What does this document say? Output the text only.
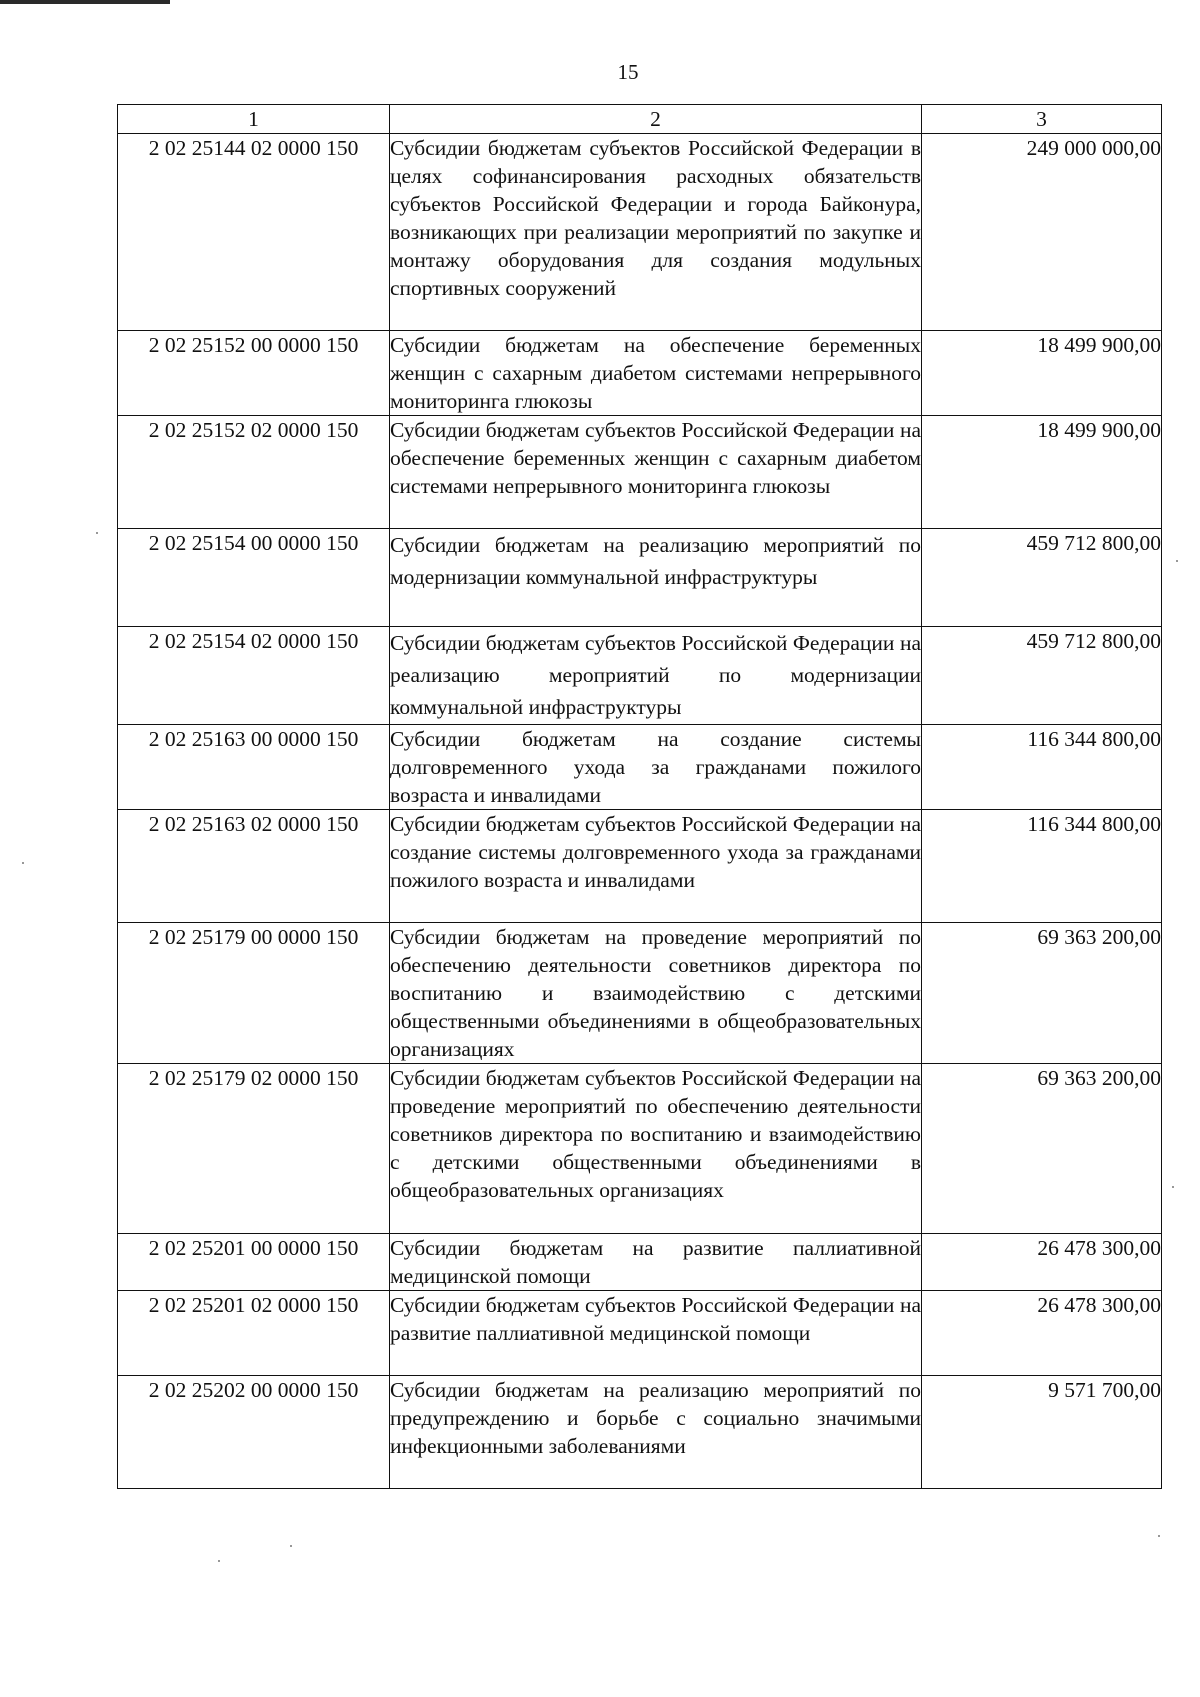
15
1	2	3
2 02 25144 02 0000 150	Субсидии бюджетам субъектов Российской Федерации в целях софинансирования расходных обязательств субъектов Российской Федерации и города Байконура, возникающих при реализации мероприятий по закупке и монтажу оборудования для создания модульных спортивных сооружений	249 000 000,00
2 02 25152 00 0000 150	Субсидии бюджетам на обеспечение беременных женщин с сахарным диабетом системами непрерывного мониторинга глюкозы	18 499 900,00
2 02 25152 02 0000 150	Субсидии бюджетам субъектов Российской Федерации на обеспечение беременных женщин с сахарным диабетом системами непрерывного мониторинга глюкозы	18 499 900,00
2 02 25154 00 0000 150	Субсидии бюджетам на реализацию мероприятий по модернизации коммунальной инфраструктуры	459 712 800,00
2 02 25154 02 0000 150	Субсидии бюджетам субъектов Российской Федерации на реализацию мероприятий по модернизации коммунальной инфраструктуры	459 712 800,00
2 02 25163 00 0000 150	Субсидии бюджетам на создание системы долговременного ухода за гражданами пожилого возраста и инвалидами	116 344 800,00
2 02 25163 02 0000 150	Субсидии бюджетам субъектов Российской Федерации на создание системы долговременного ухода за гражданами пожилого возраста и инвалидами	116 344 800,00
2 02 25179 00 0000 150	Субсидии бюджетам на проведение мероприятий по обеспечению деятельности советников директора по воспитанию и взаимодействию с детскими общественными объединениями в общеобразовательных организациях	69 363 200,00
2 02 25179 02 0000 150	Субсидии бюджетам субъектов Российской Федерации на проведение мероприятий по обеспечению деятельности советников директора по воспитанию и взаимодействию с детскими общественными объединениями в общеобразовательных организациях	69 363 200,00
2 02 25201 00 0000 150	Субсидии бюджетам на развитие паллиативной медицинской помощи	26 478 300,00
2 02 25201 02 0000 150	Субсидии бюджетам субъектов Российской Федерации на развитие паллиативной медицинской помощи	26 478 300,00
2 02 25202 00 0000 150	Субсидии бюджетам на реализацию мероприятий по предупреждению и борьбе с социально значимыми инфекционными заболеваниями	9 571 700,00
